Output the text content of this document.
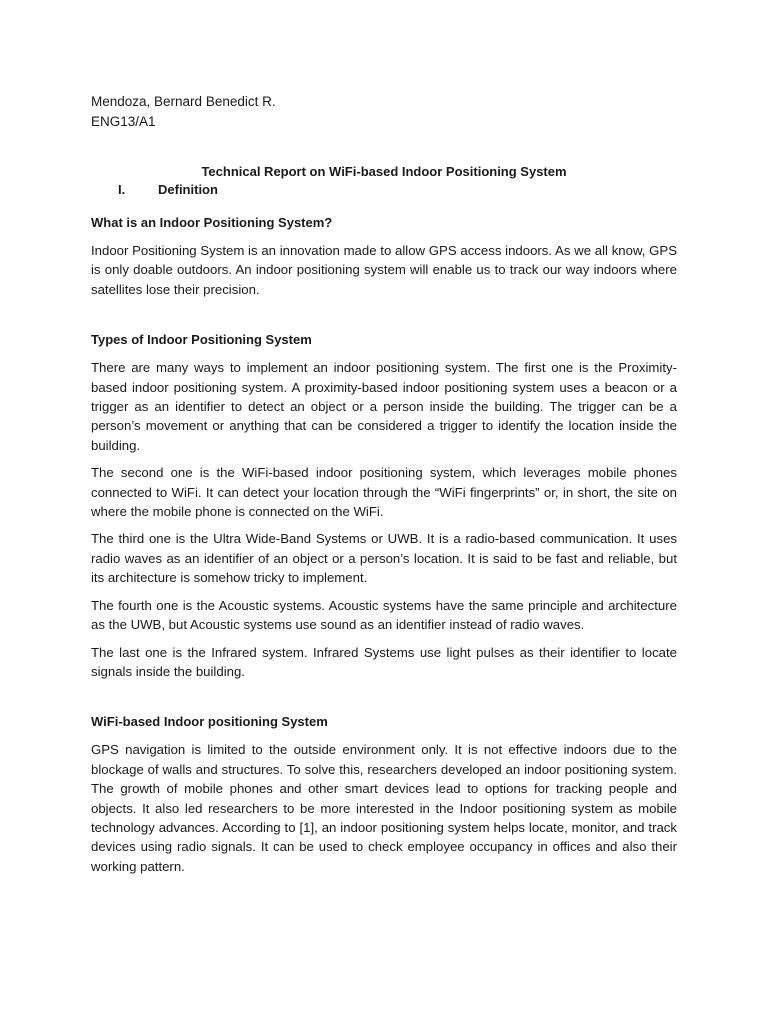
Mendoza, Bernard Benedict R.
ENG13/A1
Technical Report on WiFi-based Indoor Positioning System
I.	Definition
What is an Indoor Positioning System?

Indoor Positioning System is an innovation made to allow GPS access indoors. As we all know, GPS is only doable outdoors. An indoor positioning system will enable us to track our way indoors where satellites lose their precision.

Types of Indoor Positioning System

There are many ways to implement an indoor positioning system. The first one is the Proximity-based indoor positioning system. A proximity-based indoor positioning system uses a beacon or a trigger as an identifier to detect an object or a person inside the building. The trigger can be a person’s movement or anything that can be considered a trigger to identify the location inside the building.

The second one is the WiFi-based indoor positioning system, which leverages mobile phones connected to WiFi. It can detect your location through the “WiFi fingerprints” or, in short, the site on where the mobile phone is connected on the WiFi.

The third one is the Ultra Wide-Band Systems or UWB. It is a radio-based communication. It uses radio waves as an identifier of an object or a person’s location. It is said to be fast and reliable, but its architecture is somehow tricky to implement.

The fourth one is the Acoustic systems. Acoustic systems have the same principle and architecture as the UWB, but Acoustic systems use sound as an identifier instead of radio waves.

The last one is the Infrared system. Infrared Systems use light pulses as their identifier to locate signals inside the building.

WiFi-based Indoor positioning System

GPS navigation is limited to the outside environment only. It is not effective indoors due to the blockage of walls and structures. To solve this, researchers developed an indoor positioning system. The growth of mobile phones and other smart devices lead to options for tracking people and objects. It also led researchers to be more interested in the Indoor positioning system as mobile technology advances. According to [1], an indoor positioning system helps locate, monitor, and track devices using radio signals. It can be used to check employee occupancy in offices and also their working pattern.
